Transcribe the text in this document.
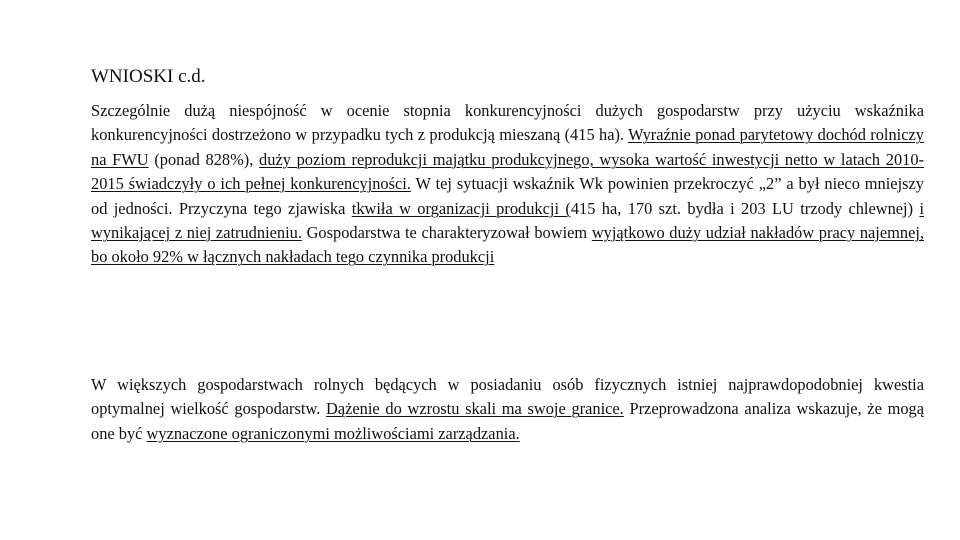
WNIOSKI c.d.

Szczególnie dużą niespójność w ocenie stopnia konkurencyjności dużych gospodarstw przy użyciu wskaźnika konkurencyjności dostrzeżono w przypadku tych z produkcją mieszaną (415 ha). Wyraźnie ponad parytetowy dochód rolniczy na FWU (ponad 828%), duży poziom reprodukcji majątku produkcyjnego, wysoka wartość inwestycji netto w latach 2010-2015 świadczyły o ich pełnej konkurencyjności. W tej sytuacji wskaźnik Wk powinien przekroczyć „2” a był nieco mniejszy od jedności. Przyczyna tego zjawiska tkwiła w organizacji produkcji (415 ha, 170 szt. bydła i 203 LU trzody chlewnej) i wynikającej z niej zatrudnieniu. Gospodarstwa te charakteryzował bowiem wyjątkowo duży udział nakładów pracy najemnej, bo około 92% w łącznych nakładach tego czynnika produkcji

W większych gospodarstwach rolnych będących w posiadaniu osób fizycznych istniej najprawdopodobniej kwestia optymalnej wielkość gospodarstw. Dążenie do wzrostu skali ma swoje granice. Przeprowadzona analiza wskazuje, że mogą one być wyznaczone ograniczonymi możliwościami zarządzania.
